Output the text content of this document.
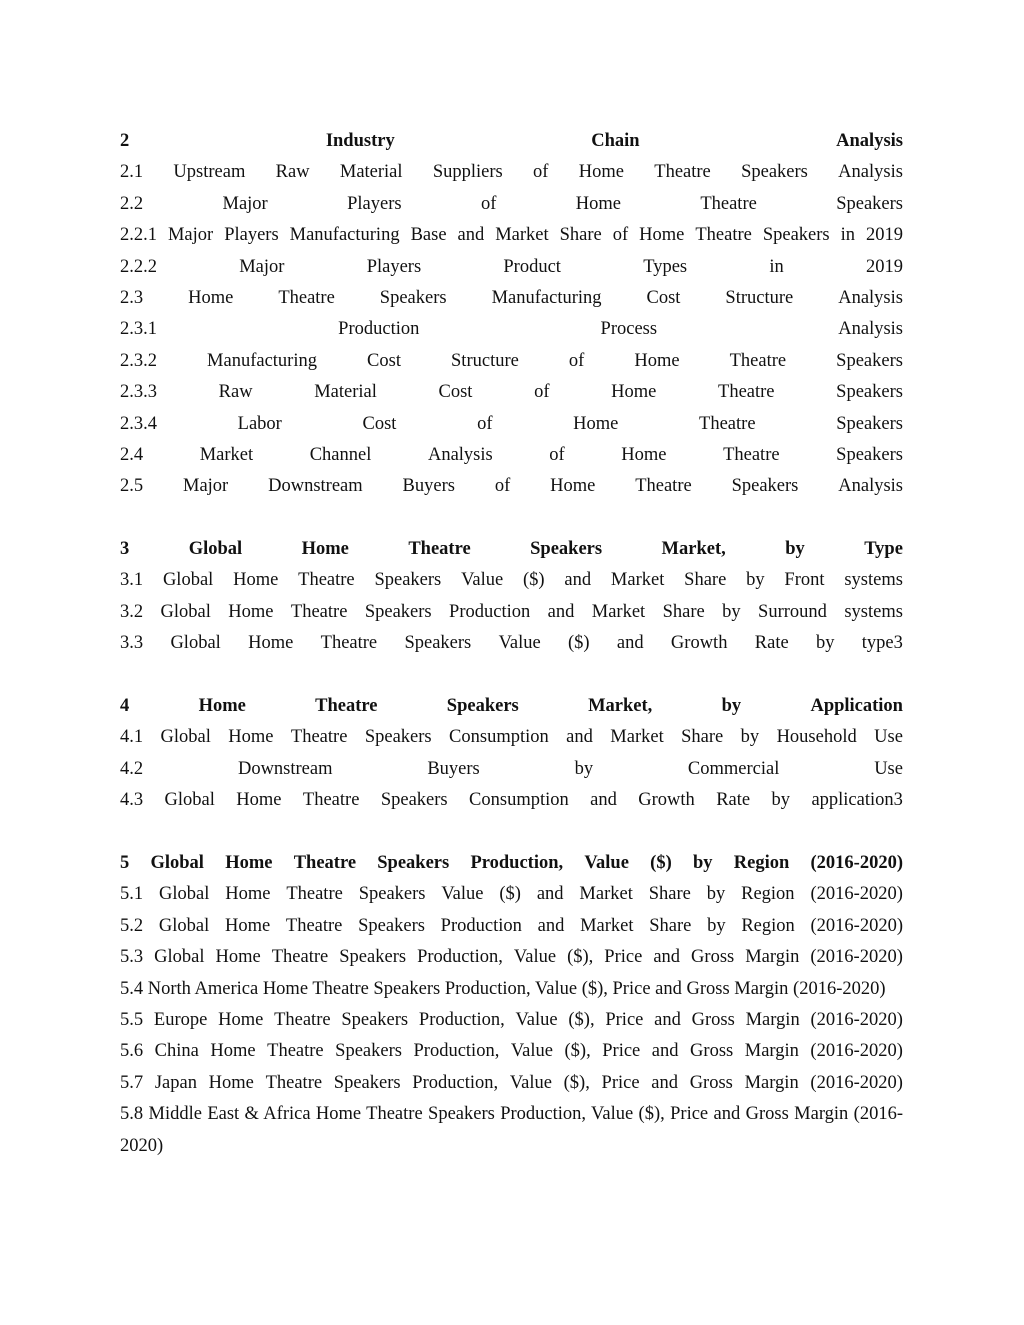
2	Industry	Chain	Analysis
2.1 Upstream Raw Material Suppliers of Home Theatre Speakers Analysis
2.2	Major	Players	of	Home	Theatre	Speakers
2.2.1 Major Players Manufacturing Base and Market Share of Home Theatre Speakers in 2019
2.2.2	Major	Players	Product	Types	in	2019
2.3 Home Theatre Speakers Manufacturing Cost Structure Analysis
2.3.1	Production	Process	Analysis
2.3.2	Manufacturing	Cost	Structure	of	Home	Theatre	Speakers
2.3.3	Raw	Material	Cost	of	Home	Theatre	Speakers
2.3.4	Labor	Cost	of	Home	Theatre	Speakers
2.4	Market	Channel	Analysis	of	Home	Theatre	Speakers
2.5 Major Downstream Buyers of Home Theatre Speakers Analysis
3	Global	Home	Theatre	Speakers	Market,	by	Type
3.1 Global Home Theatre Speakers Value ($) and Market Share by Front systems
3.2 Global Home Theatre Speakers Production and Market Share by Surround systems
3.3 Global Home Theatre Speakers Value ($) and Growth Rate by type3
4	Home	Theatre	Speakers	Market,	by	Application
4.1 Global Home Theatre Speakers Consumption and Market Share by Household Use
4.2	Downstream	Buyers	by	Commercial	Use
4.3 Global Home Theatre Speakers Consumption and Growth Rate by application3
5 Global Home Theatre Speakers Production, Value ($) by Region (2016-2020)
5.1 Global Home Theatre Speakers Value ($) and Market Share by Region (2016-2020)
5.2 Global Home Theatre Speakers Production and Market Share by Region (2016-2020)
5.3 Global Home Theatre Speakers Production, Value ($), Price and Gross Margin (2016-2020)
5.4 North America Home Theatre Speakers Production, Value ($), Price and Gross Margin (2016-2020)
5.5 Europe Home Theatre Speakers Production, Value ($), Price and Gross Margin (2016-2020)
5.6 China Home Theatre Speakers Production, Value ($), Price and Gross Margin (2016-2020)
5.7 Japan Home Theatre Speakers Production, Value ($), Price and Gross Margin (2016-2020)
5.8 Middle East & Africa Home Theatre Speakers Production, Value ($), Price and Gross Margin (2016-2020)
